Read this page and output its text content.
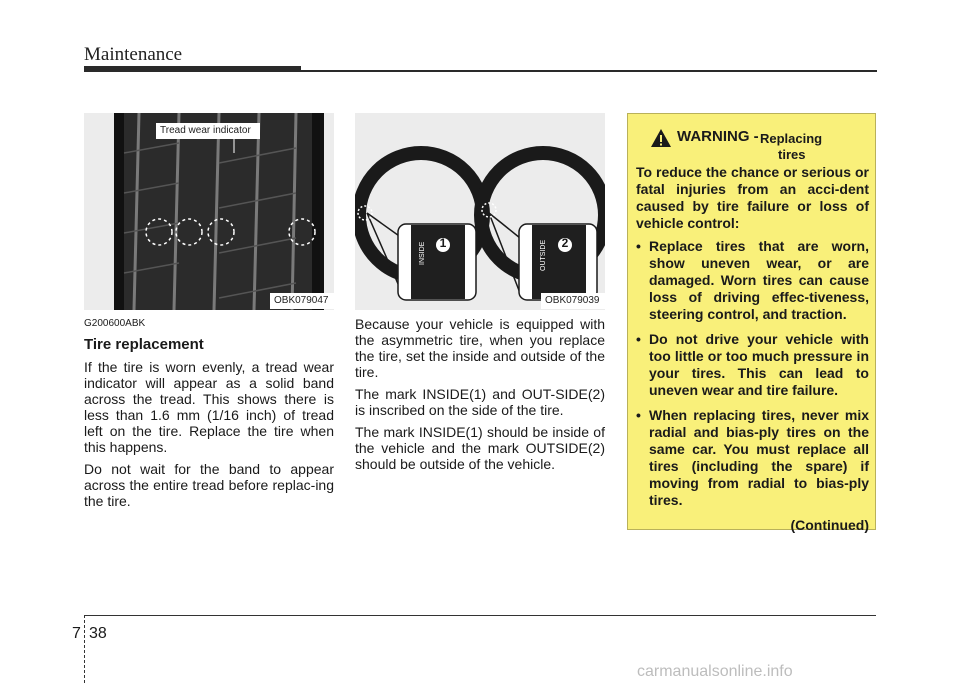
Maintenance
Tread wear indicator
OBK079047
1	2
INSIDE	OUTSIDE
OBK079039
G200600ABK
Tire replacement

If the tire is worn evenly, a tread wear indicator will appear as a solid band across the tread. This shows there is less than 1.6 mm (1/16 inch) of tread left on the tire. Replace the tire when this happens.

Do not wait for the band to appear across the entire tread before replac-ing the tire.

Because your vehicle is equipped with the asymmetric tire, when you replace the tire, set the inside and outside of the tire.

The mark INSIDE(1) and OUT-SIDE(2) is inscribed on the side of the tire.

The mark INSIDE(1) should be inside of the vehicle and the mark OUTSIDE(2) should be outside of the vehicle.

WARNING - Replacing
tires

To reduce the chance or serious or fatal injuries from an acci-dent caused by tire failure or loss of vehicle control:

• Replace tires that are worn, show uneven wear, or are damaged. Worn tires can cause loss of driving effec-tiveness, steering control, and traction.
• Do not drive your vehicle with too little or too much pressure in your tires. This can lead to uneven wear and tire failure.
• When replacing tires, never mix radial and bias-ply tires on the same car. You must replace all tires (including the spare) if moving from radial to bias-ply tires.
(Continued)
7 38
carmanualsonline.info
